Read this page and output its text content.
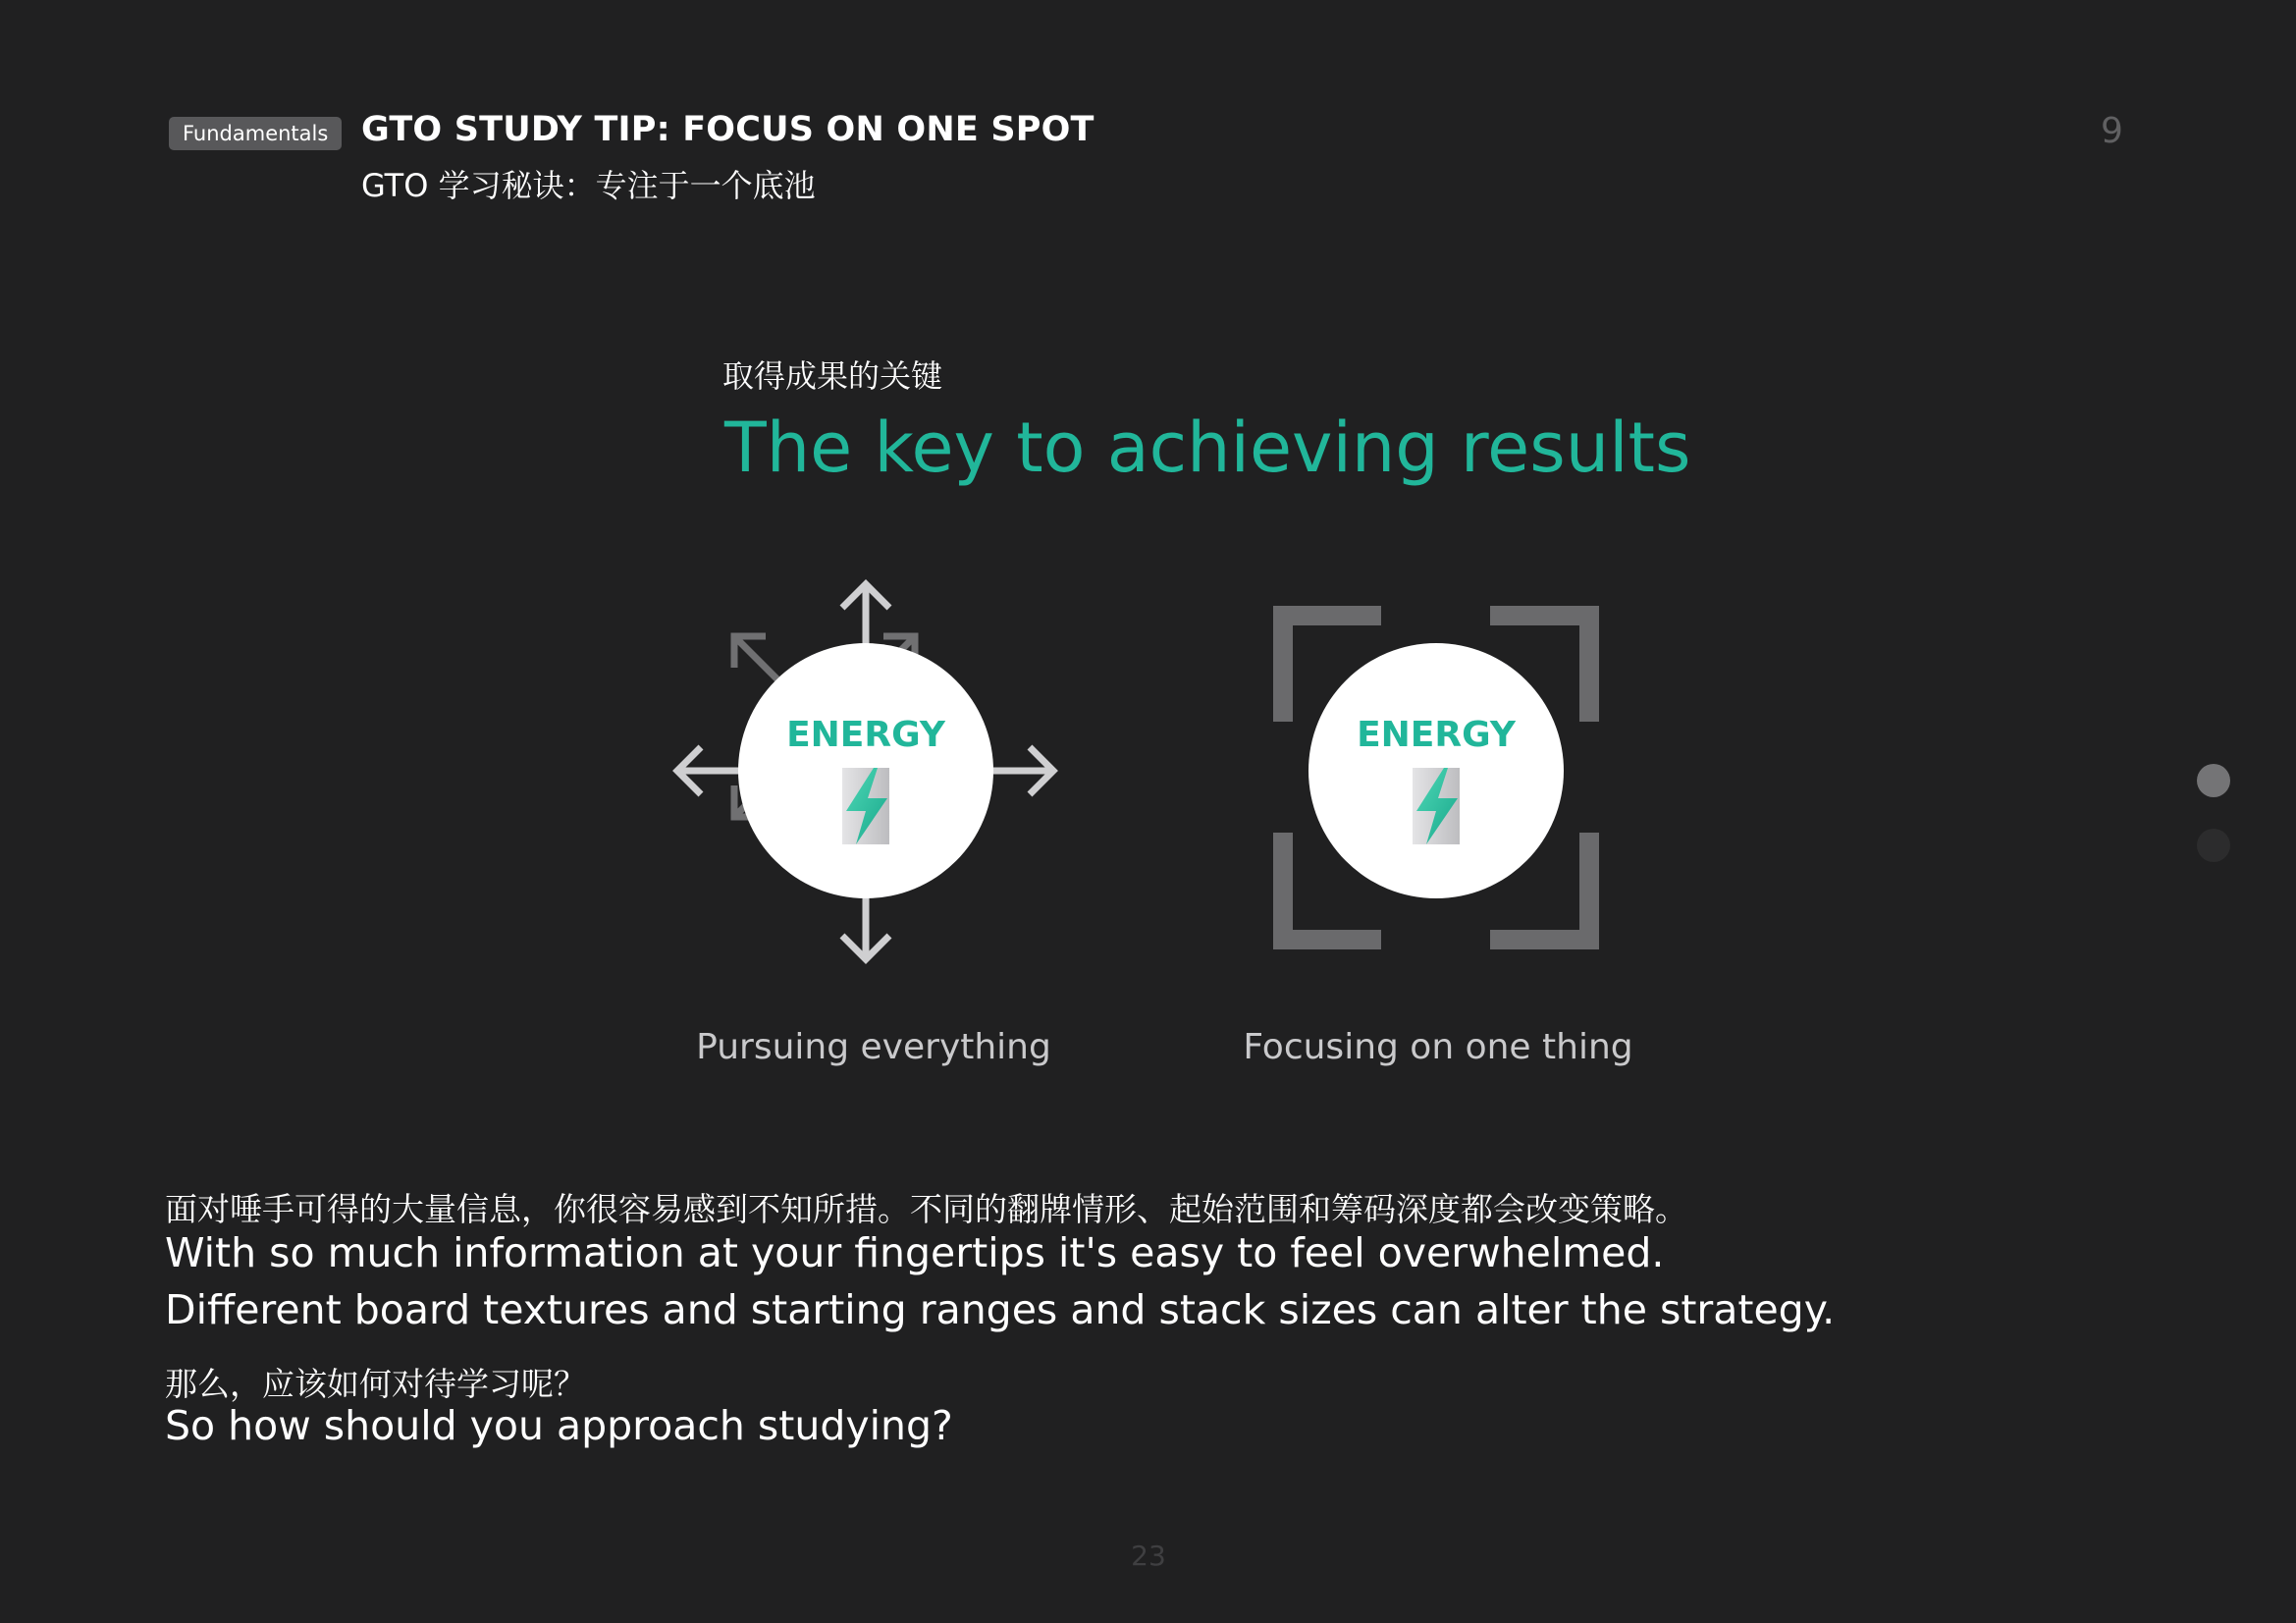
Fundamentals GTO STUDY TIP: FOCUS ON ONE SPOT
GTO 学习秘诀：专注于一个底池
9
取得成果的关键
The key to achieving results
ENERGY	ENERGY
Pursuing everything	Focusing on one thing
面对唾手可得的大量信息，你很容易感到不知所措。不同的翻牌情形、起始范围和筹码深度都会改变策略。
With so much information at your fingertips it's easy to feel overwhelmed.
Different board textures and starting ranges and stack sizes can alter the strategy.
那么，应该如何对待学习呢？
So how should you approach studying?
23
